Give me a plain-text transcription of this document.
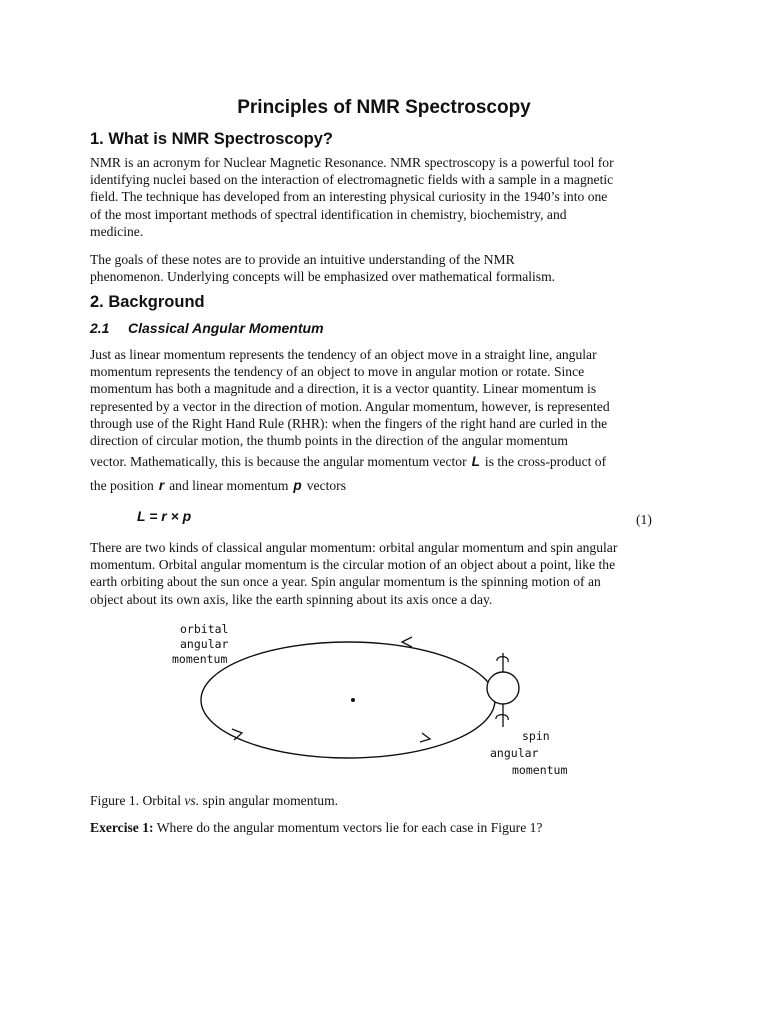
Principles of NMR Spectroscopy
1. What is NMR Spectroscopy?

NMR is an acronym for Nuclear Magnetic Resonance. NMR spectroscopy is a powerful tool for
identifying nuclei based on the interaction of electromagnetic fields with a sample in a magnetic
field. The technique has developed from an interesting physical curiosity in the 1940’s into one
of the most important methods of spectral identification in chemistry, biochemistry, and
medicine.

The goals of these notes are to provide an intuitive understanding of the NMR
phenomenon. Underlying concepts will be emphasized over mathematical formalism.

2. Background
2.1 Classical Angular Momentum

Just as linear momentum represents the tendency of an object move in a straight line, angular
momentum represents the tendency of an object to move in angular motion or rotate. Since
momentum has both a magnitude and a direction, it is a vector quantity. Linear momentum is
represented by a vector in the direction of motion. Angular momentum, however, is represented
through use of the Right Hand Rule (RHR): when the fingers of the right hand are curled in the
direction of circular motion, the thumb points in the direction of the angular momentum

vector. Mathematically, this is because the angular momentum vector L is the cross-product of
the position r and linear momentum p vectors
L = r × p	(1)

There are two kinds of classical angular momentum: orbital angular momentum and spin angular
momentum. Orbital angular momentum is the circular motion of an object about a point, like the
earth orbiting about the sun once a year. Spin angular momentum is the spinning motion of an
object about its own axis, like the earth spinning about its axis once a day.

orbital
angular
momentum
spin
angular
momentum
Figure 1. Orbital vs. spin angular momentum.
Exercise 1: Where do the angular momentum vectors lie for each case in Figure 1?
